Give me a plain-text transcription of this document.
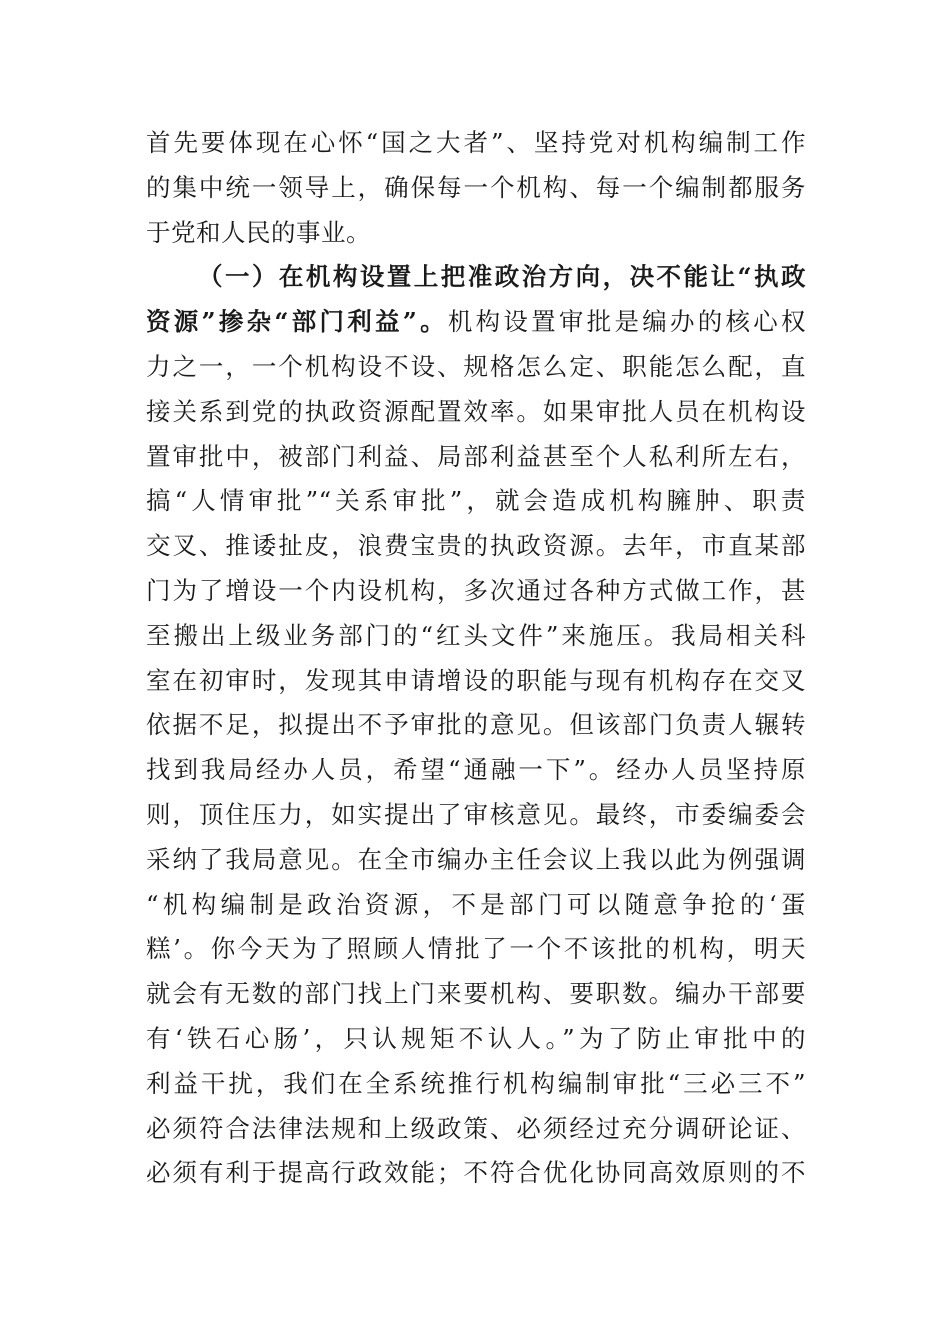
首先要体现在心怀“国之大者”、坚持党对机构编制工作
的集中统一领导上，确保每一个机构、每一个编制都服务
于党和人民的事业。
（一）在机构设置上把准政治方向，决不能让“执政
资源”掺杂“部门利益”。机构设置审批是编办的核心权
力之一，一个机构设不设、规格怎么定、职能怎么配，直
接关系到党的执政资源配置效率。如果审批人员在机构设
置审批中，被部门利益、局部利益甚至个人私利所左右，
搞“人情审批”“关系审批”，就会造成机构臃肿、职责
交叉、推诿扯皮，浪费宝贵的执政资源。去年，市直某部
门为了增设一个内设机构，多次通过各种方式做工作，甚
至搬出上级业务部门的“红头文件”来施压。我局相关科
室在初审时，发现其申请增设的职能与现有机构存在交叉
依据不足，拟提出不予审批的意见。但该部门负责人辗转
找到我局经办人员，希望“通融一下”。经办人员坚持原
则，顶住压力，如实提出了审核意见。最终，市委编委会
采纳了我局意见。在全市编办主任会议上我以此为例强调
“机构编制是政治资源，不是部门可以随意争抢的‘蛋
糕’。你今天为了照顾人情批了一个不该批的机构，明天
就会有无数的部门找上门来要机构、要职数。编办干部要
有‘铁石心肠’，只认规矩不认人。”为了防止审批中的
利益干扰，我们在全系统推行机构编制审批“三必三不”
必须符合法律法规和上级政策、必须经过充分调研论证、
必须有利于提高行政效能；不符合优化协同高效原则的不
